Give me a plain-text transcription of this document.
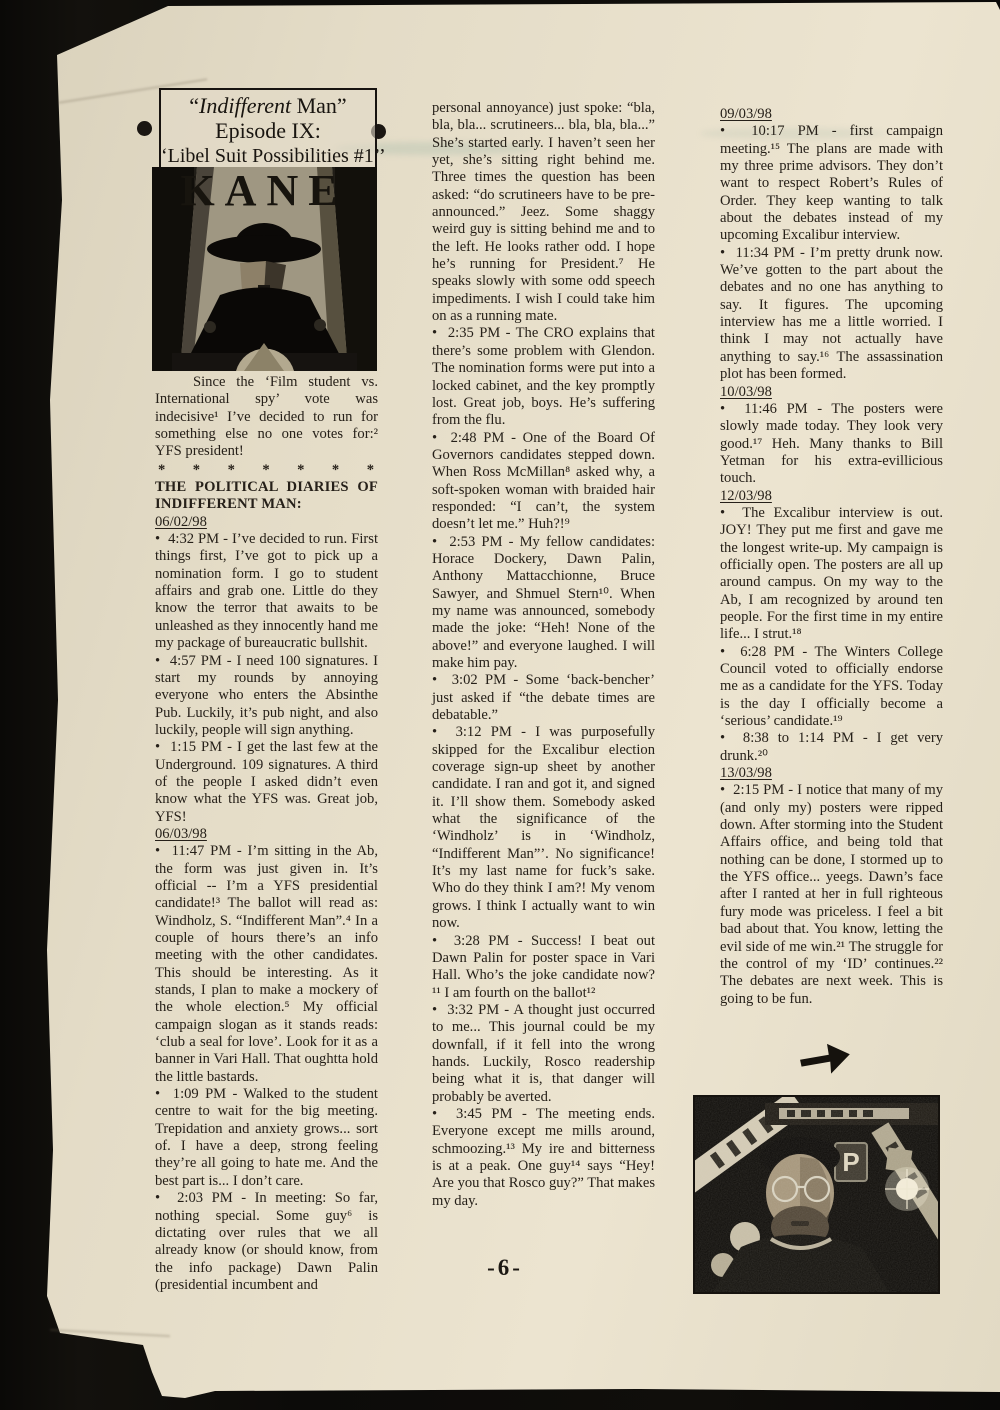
“Indifferent Man”
Episode IX:
‘Libel Suit Possibilities #1’’
KANE

Since the ‘Film student vs. International spy’ vote was indecisive¹ I’ve decided to run for something else no one votes for:² YFS president!

* * * * * * *

THE POLITICAL DIARIES OF INDIFFERENT MAN:

06/02/98

•  4:32 PM - I’ve decided to run. First things first, I’ve got to pick up a nomination form. I go to student affairs and grab one. Little do they know the terror that awaits to be unleashed as they innocently hand me my package of bureaucratic bullshit.

•  4:57 PM - I need 100 signatures. I start my rounds by annoying everyone who enters the Absinthe Pub. Luckily, it’s pub night, and also luckily, people will sign anything.

•  1:15 PM - I get the last few at the Underground. 109 signatures. A third of the people I asked didn’t even know what the YFS was. Great job, YFS!

06/03/98

•  11:47 PM - I’m sitting in the Ab, the form was just given in. It’s official -- I’m a YFS presidential candidate!³ The ballot will read as: Windholz, S. “Indifferent Man”.⁴ In a couple of hours there’s an info meeting with the other candidates. This should be interesting. As it stands, I plan to make a mockery of the whole election.⁵ My official campaign slogan as it stands reads: ‘club a seal for love’. Look for it as a banner in Vari Hall. That oughtta hold the little bastards.

•  1:09 PM - Walked to the student centre to wait for the big meeting. Trepidation and anxiety grows... sort of. I have a deep, strong feeling they’re all going to hate me. And the best part is... I don’t care.

•  2:03 PM - In meeting: So far, nothing special. Some guy⁶ is dictating over rules that we all already know (or should know, from the info package) Dawn Palin (presidential incumbent and

personal annoyance) just spoke: “bla, bla, bla... scrutineers... bla, bla, bla...” She’s started early. I haven’t seen her yet, she’s sitting right behind me. Three times the question has been asked: “do scrutineers have to be pre-announced.” Jeez. Some shaggy weird guy is sitting behind me and to the left. He looks rather odd. I hope he’s running for President.⁷ He speaks slowly with some odd speech impediments. I wish I could take him on as a running mate.

•  2:35 PM - The CRO explains that there’s some problem with Glendon. The nomination forms were put into a locked cabinet, and the key promptly lost. Great job, boys. He’s suffering from the flu.

•  2:48 PM - One of the Board Of Governors candidates stepped down. When Ross McMillan⁸ asked why, a soft-spoken woman with braided hair responded: “I can’t, the system doesn’t let me.” Huh?!⁹

•  2:53 PM - My fellow candidates: Horace Dockery, Dawn Palin, Anthony Mattacchionne, Bruce Sawyer, and Shmuel Stern¹⁰. When my name was announced, somebody made the joke: “Heh! None of the above!” and everyone laughed. I will make him pay.

•  3:02 PM - Some ‘back-bencher’ just asked if “the debate times are debatable.”

•  3:12 PM - I was purposefully skipped for the Excalibur election coverage sign-up sheet by another candidate. I ran and got it, and signed it. I’ll show them. Somebody asked what the significance of the ‘Windholz’ is in ‘Windholz, “Indifferent Man”’. No significance! It’s my last name for fuck’s sake. Who do they think I am?! My venom grows. I think I actually want to win now.

•  3:28 PM - Success! I beat out Dawn Palin for poster space in Vari Hall. Who’s the joke candidate now?¹¹ I am fourth on the ballot¹²

•  3:32 PM - A thought just occurred to me... This journal could be my downfall, if it fell into the wrong hands. Luckily, Rosco readership being what it is, that danger will probably be averted.

•  3:45 PM - The meeting ends. Everyone except me mills around, schmoozing.¹³ My ire and bitterness is at a peak. One guy¹⁴ says “Hey! Are you that Rosco guy?” That makes my day.

09/03/98

•  10:17 PM - first campaign meeting.¹⁵ The plans are made with my three prime advisors. They don’t want to respect Robert’s Rules of Order. They keep wanting to talk about the debates instead of my upcoming Excalibur interview.

•  11:34 PM - I’m pretty drunk now. We’ve gotten to the part about the debates and no one has anything to say. It figures. The upcoming interview has me a little worried. I think I may not actually have anything to say.¹⁶ The assassination plot has been formed.

10/03/98

•  11:46 PM - The posters were slowly made today. They look very good.¹⁷ Heh. Many thanks to Bill Yetman for his extra-evillicious touch.

12/03/98

•  The Excalibur interview is out. JOY! They put me first and gave me the longest write-up. My campaign is officially open. The posters are all up around campus. On my way to the Ab, I am recognized by around ten people. For the first time in my entire life... I strut.¹⁸

•  6:28 PM - The Winters College Council voted to officially endorse me as a candidate for the YFS. Today is the day I officially become a ‘serious’ candidate.¹⁹

•  8:38 to 1:14 PM - I get very drunk.²⁰

13/03/98

•  2:15 PM - I notice that many of my (and only my) posters were ripped down. After storming into the Student Affairs office, and being told that nothing can be done, I stormed up to the YFS office... yeegs. Dawn’s face after I ranted at her in full righteous fury mode was priceless. I feel a bit bad about that. You know, letting the evil side of me win.²¹ The struggle for the control of my ‘ID’ continues.²² The debates are next week. This is going to be fun.

-6-
